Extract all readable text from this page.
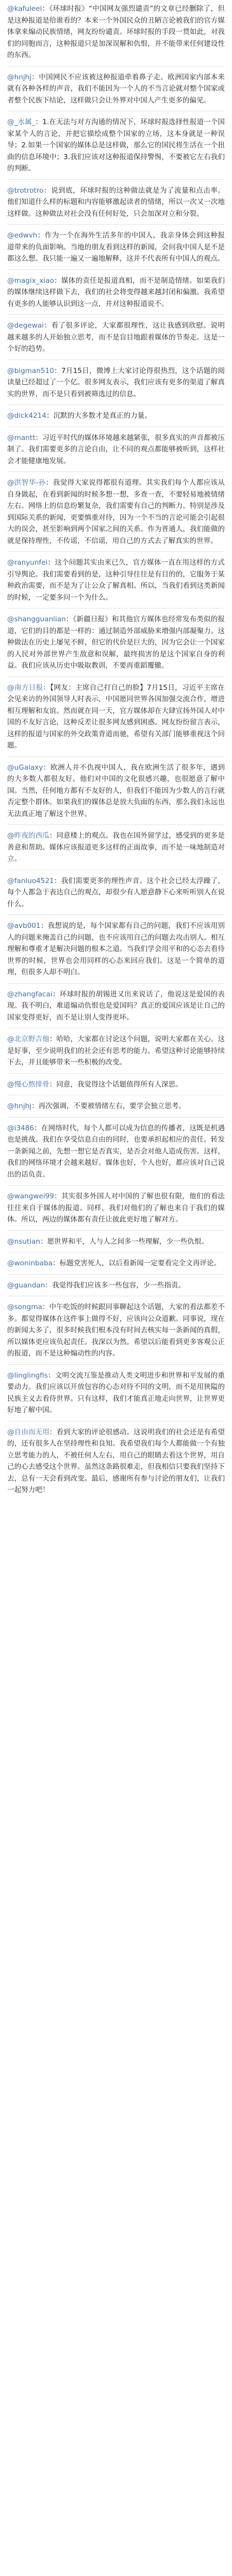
@kafuleei：《环球时报》“中国网友强烈谴责”的文章已经删除了，但是这种报道是给谁看的？本来一个外国民众的丑陋言论被我们的官方媒体拿来煽动民族情绪，网友纷纷谴责。环球时报的手段一贯如此，对我们的同胞而言，这种报道只是加深误解和仇恨，并不能带来任何建设性的东西。

@hnjhj：中国网民不应该被这种报道牵着鼻子走。欧洲国家内部本来就有各种各样的声音，我们不能因为一个人的不当言论就对整个国家或者整个民族下结论，这样做只会让外界对中国人产生更多的偏见。

@_水属_：1.在无法与对方沟通的情况下，环球时报选择性报道一个国家某个人的言论，并把它描绘成整个国家的立场，这本身就是一种误导；2.如果一个国家的媒体总是这样做，那么它的国民将生活在一个扭曲的信息环境中；3.我们应该对这种报道保持警惕，不要被它左右我们的判断。

@trotrotro：说到底，环球时报的这种做法就是为了流量和点击率。他们知道什么样的标题和内容能够激起读者的情绪，所以一次又一次地这样做。这种做法对社会没有任何好处，只会加深对立和分裂。

@edwvh：作为一个在海外生活多年的中国人，我亲身体会到这种报道带来的负面影响。当地的朋友看到这样的新闻，会问我中国人是不是都这么想。我只能一遍又一遍地解释，这并不代表所有中国人的观点。

@magix_xiao：媒体的责任是报道真相，而不是制造情绪。如果我们的媒体继续这样做下去，我们的社会将变得越来越封闭和偏激。我希望有更多的人能够认识到这一点，并对这种报道说不。

@degewai：看了很多评论，大家都很理性，这让我感到欣慰。说明越来越多的人开始独立思考，而不是盲目地跟着媒体的节奏走。这是一个好的趋势。

@bigman510：7月15日，微博上大家讨论得很热烈，这个话题的阅读量已经超过了一个亿。很多网友表示，我们应该有更多的渠道了解真实的世界，而不是只看到被筛选过的信息。

@dick4214：沉默的大多数才是真正的力量。

@mantt：习近平时代的媒体环境越来越紧张，很多真实的声音都被压制了。我们需要更多的言论自由，让不同的观点都能够被听到，这样社会才能健康地发展。

@洪智华-孙：我觉得大家说得都很有道理。其实我们每个人都应该从自身做起，在看到新闻的时候多想一想，多查一查，不要轻易地被情绪左右。网络上的信息纷繁复杂，我们需要有自己的判断力。特别是涉及到国际关系的新闻，更要慎重对待，因为一个不当的言论可能会引起很大的误会，甚至影响到两个国家之间的关系。作为普通人，我们能做的就是保持理性，不传谣，不信谣，用自己的方式去了解真实的世界。

@ranyunfei：这个问题其实由来已久，官方媒体一直在用这样的方式引导舆论。我们需要看到的是，这种引导往往是有目的的，它服务于某种政治需要，而不是为了让公众了解真相。所以，当我们看到这类新闻的时候，一定要多问一个为什么。

@shangguanlian：《新疆日报》和其他官方媒体也经常发布类似的报道，它们的目的都是一样的：通过制造外部威胁来增强内部凝聚力。这种做法在历史上屡见不鲜，但它的代价是巨大的，因为它会让一个国家的人民对外部世界产生敌意和误解，最终损害的是这个国家自身的利益。我们应该从历史中吸取教训，不要再重蹈覆辙。

@南方日报：【网友：主席自己打自己的脸】7月15日，习近平主席在会见来访的外国领导人时表示，中国愿同世界各国加强交流合作，增进相互理解和友谊。然而就在同一天，官方媒体却在大肆宣扬外国人对中国的不友好言论，这种反差让很多网友感到困惑。网友纷纷留言表示，这样的报道与国家的外交政策背道而驰，希望有关部门能够重视这个问题。

@uGalaxy：欧洲人并不仇视中国人，我在欧洲生活了很多年，遇到的大多数人都很友好。他们对中国的文化很感兴趣，也很愿意了解中国。当然，任何地方都有不友好的人，但我们不能因为少数人的言行就否定整个群体。如果我们的媒体总是放大负面的东西，那么我们永远也无法真正地了解这个世界。

@昨夜的西瓜：同意楼上的观点。我也在国外留学过，感受到的更多是善意和帮助。媒体应该报道更多这样的正面故事，而不是一味地制造对立。

@fanluo4521：我们需要更多的理性声音。这个社会已经太浮躁了，每个人都急于表达自己的观点，却很少有人愿意静下心来听听别人在说什么。

@avb001：我想说的是，每个国家都有自己的问题，我们不应该用别人的问题来掩盖自己的问题，也不应该用自己的问题去攻击别人。相互理解和尊重才是解决问题的根本之道。当我们学会用平和的心态去看待世界的时候，世界也会用同样的心态来回应我们。这是一个简单的道理，但很多人却不明白。

@zhangfacai：环球时报的胡锡进又出来说话了，他说这是爱国的表现。我不明白，难道煽动仇恨也是爱国吗？真正的爱国应该是让自己的国家变得更好，而不是让别人变得更坏。

@北京野吉他：哈哈，大家都在讨论这个问题，说明大家都在关心。这是好事，至少说明我们的社会还有思考的能力。希望这种讨论能够持续下去，并且能够带来一些积极的改变。

@慢心熬排骨：同意，我觉得这个话题值得所有人深思。

@hnjhj：再次强调，不要被情绪左右，要学会独立思考。

@i3486：在网络时代，每个人都可以成为信息的传播者，这既是机遇也是挑战。我们在享受信息自由的同时，也要承担起相应的责任。转发一条新闻之前，先想一想它是否真实，是否会对他人造成伤害。这样，我们的网络环境才会越来越好。媒体也好，个人也好，都应该对自己说出的话负责。

@wangwei99：其实很多外国人对中国的了解也很有限，他们的看法往往来自于媒体的报道。同样，我们对他们的了解也来自于我们的媒体。所以，两边的媒体都有责任让彼此更好地了解对方。

@nsutian：愿世界和平，人与人之间多一些理解，少一些仇恨。

@woninbaba：标题党害死人，以后看新闻一定要看完全文再评论。

@guandan：我觉得我们应该多一些包容，少一些指责。

@songma：中午吃饭的时候跟同事聊起这个话题，大家的看法都差不多。都觉得媒体在这件事上做得不好，应该向公众道歉。同事说，现在的新闻太多了，很多时候我们根本没有时间去核实每一条新闻的真假，所以媒体更应该负起责任。我深以为然。希望以后能看到更多客观公正的报道，而不是这种煽动性的内容。

@linglingfis：文明交流互鉴是推动人类文明进步和世界和平发展的重要动力。我们应该以开放包容的心态对待不同的文明，而不是用狭隘的民族主义去看待世界。只有这样，我们才能真正地走向世界，让世界更好地了解中国。

@自由而无用：看到大家的评论很感动。这说明我们的社会还是有希望的，还有很多人在坚持理性和良知。我希望我们每个人都能做一个有独立思考能力的人，不被任何人左右，用自己的眼睛去看这个世界，用自己的心去感受这个世界。虽然这条路很难走，但我相信只要我们坚持下去，总有一天会看到改变。最后，感谢所有参与讨论的朋友们，让我们一起努力吧！
